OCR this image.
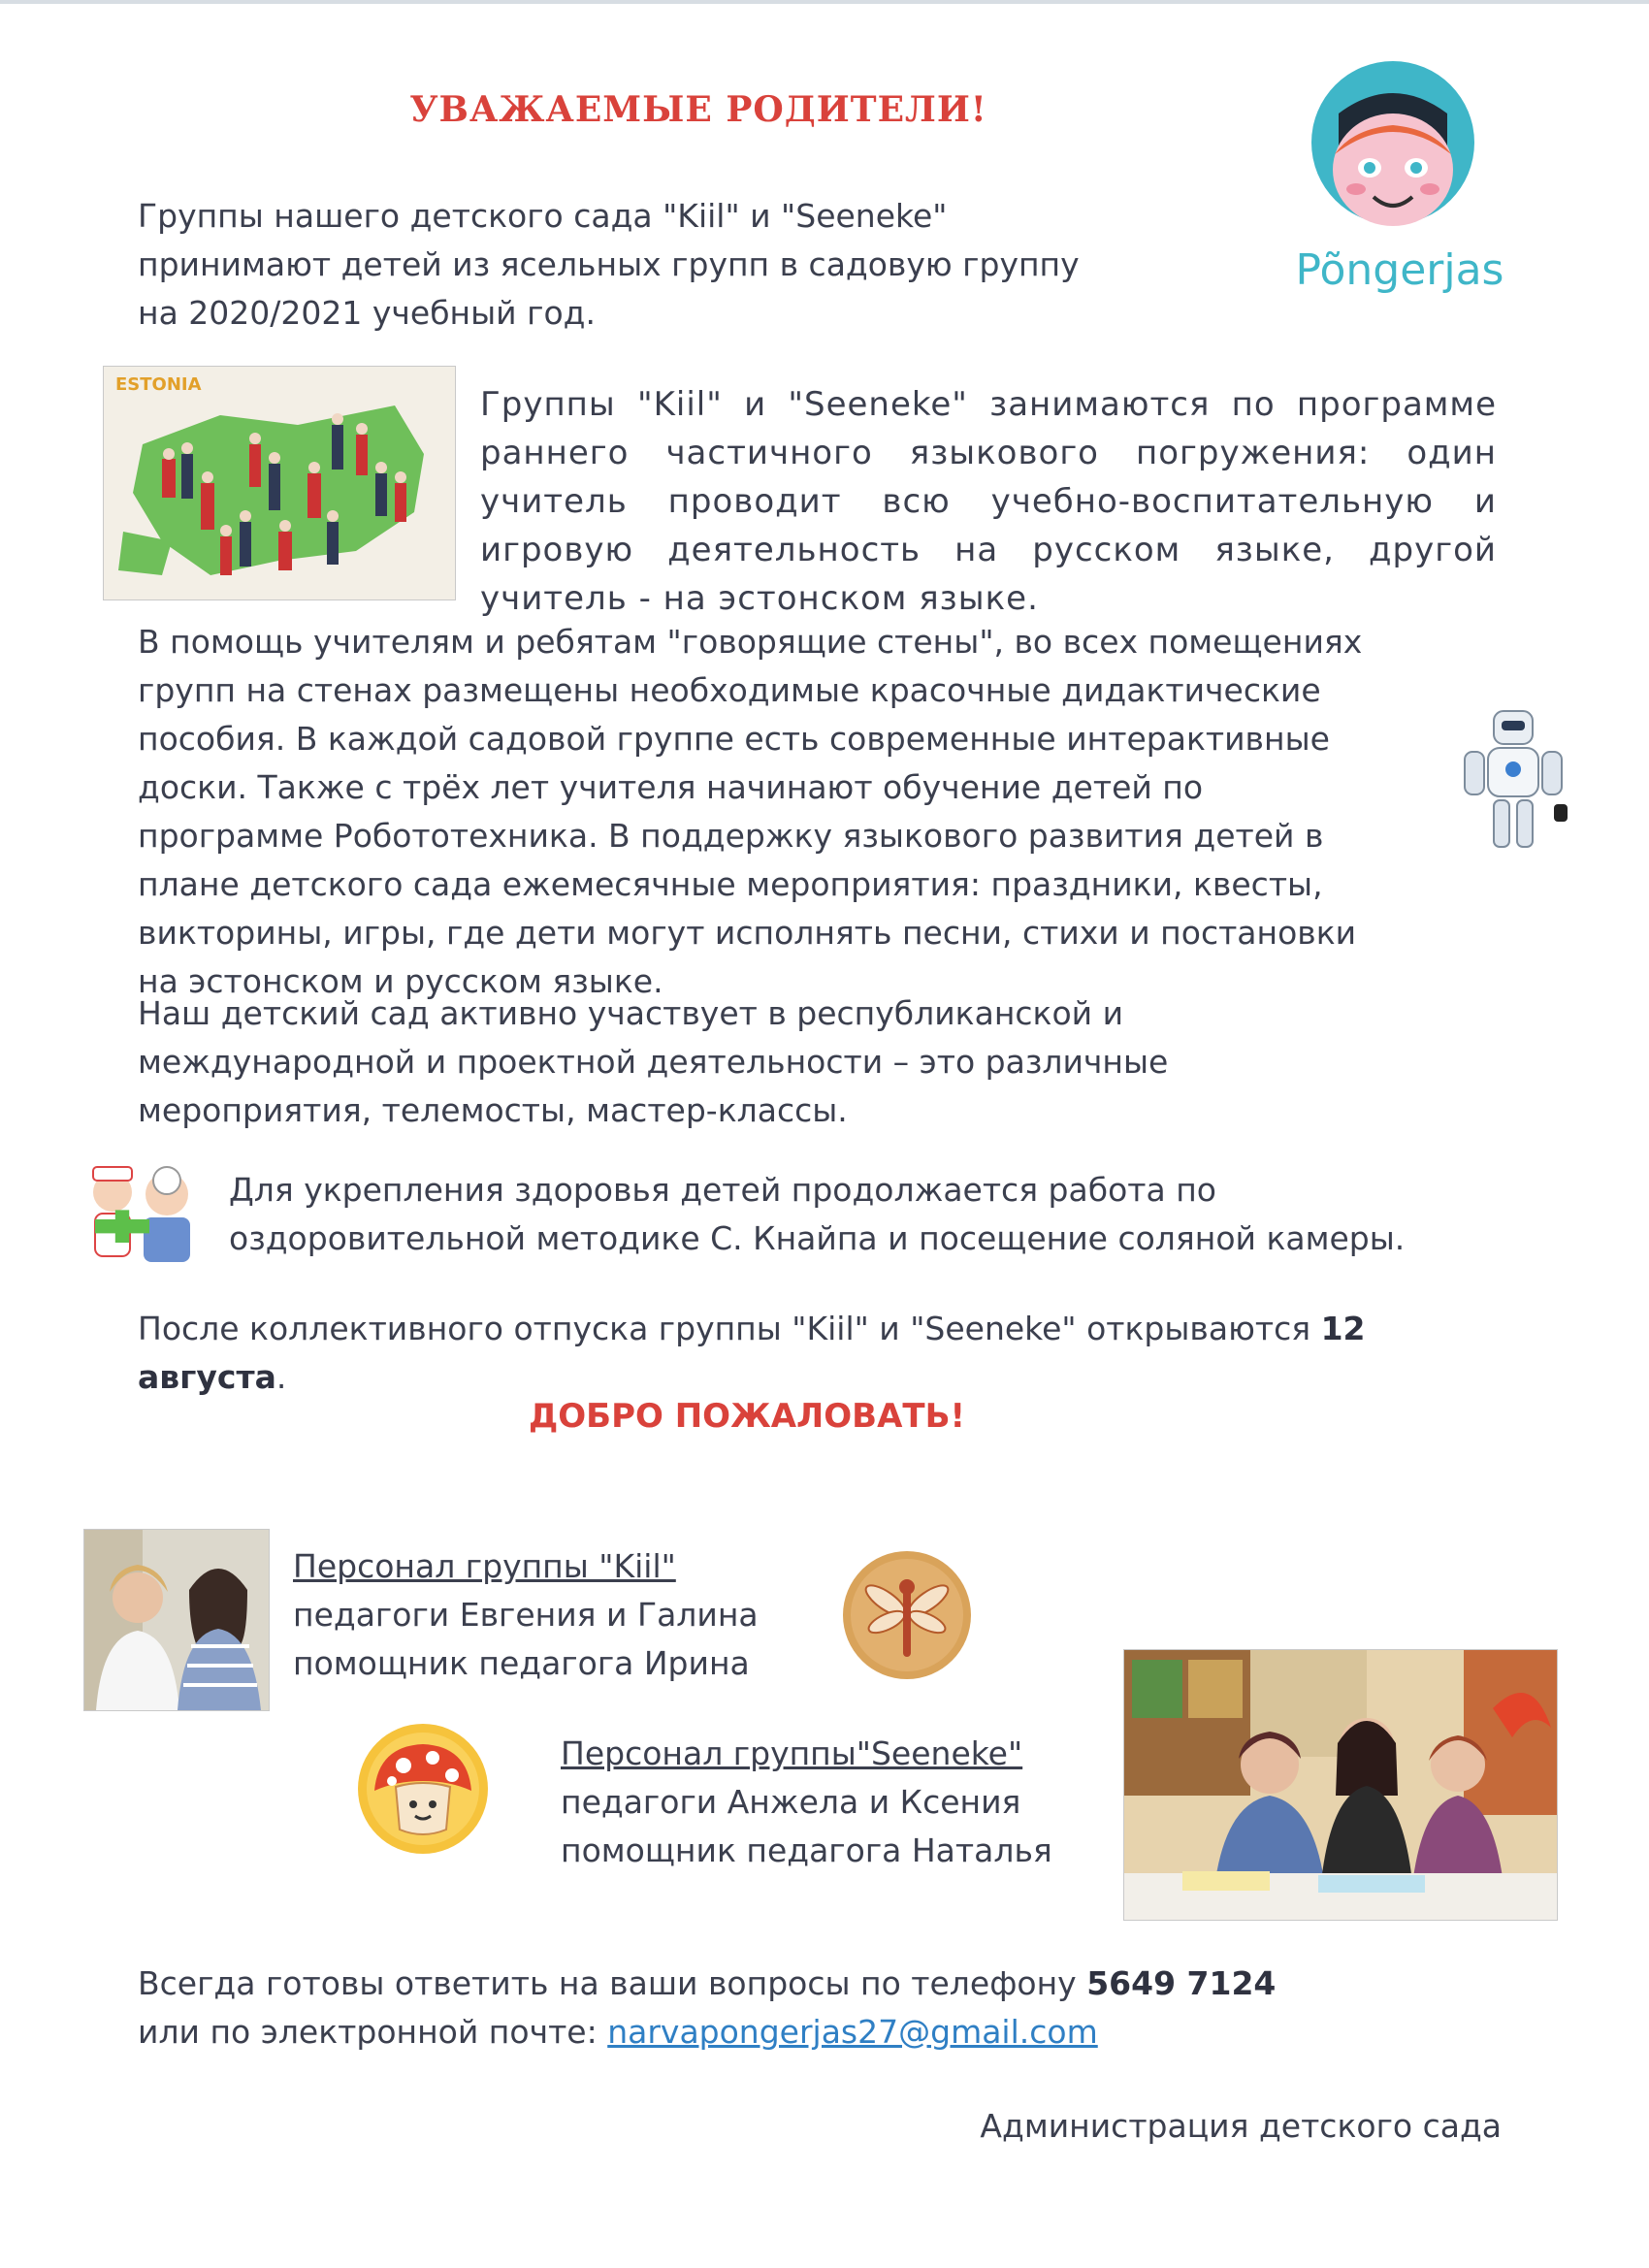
УВАЖАЕМЫЕ РОДИТЕЛИ!
Põngerjas
Группы нашего детского сада "Kiil" и "Seeneke"
принимают детей из ясельных групп в садовую группу
на 2020/2021 учебный год.
ESTONIA
Группы "Kiil" и "Seeneke" занимаются по программе
раннего частичного языкового погружения: один
учитель проводит всю учебно-воспитательную и
игровую деятельность на русском языке, другой
учитель - на эстонском языке.
В помощь учителям и ребятам "говорящие стены", во всех помещениях
групп на стенах размещены необходимые красочные дидактические
пособия. В каждой садовой группе есть современные интерактивные
доски. Также с трёх лет учителя начинают обучение детей по
программе Робототехника. В поддержку языкового развития детей в
плане детского сада ежемесячные мероприятия: праздники, квесты,
викторины, игры, где дети могут исполнять песни, стихи и постановки
на эстонском и русском языке.
Наш детский сад активно участвует в республиканской и
международной и проектной деятельности – это различные
мероприятия, телемосты, мастер-классы.
Для укрепления здоровья детей продолжается работа по
оздоровительной методике С. Кнайпа и посещение соляной камеры.
После коллективного отпуска группы "Kiil" и "Seeneke" открываются 12
августа.
ДОБРО ПОЖАЛОВАТЬ!
Персонал группы "Kiil"
педагоги Евгения и Галина
помощник педагога Ирина
Персонал группы"Seeneke"
педагоги Анжела и Ксения
помощник педагога Наталья
Всегда готовы ответить на ваши вопросы по телефону 5649 7124
или по электронной почте: narvapongerjas27@gmail.com
Администрация детского сада
